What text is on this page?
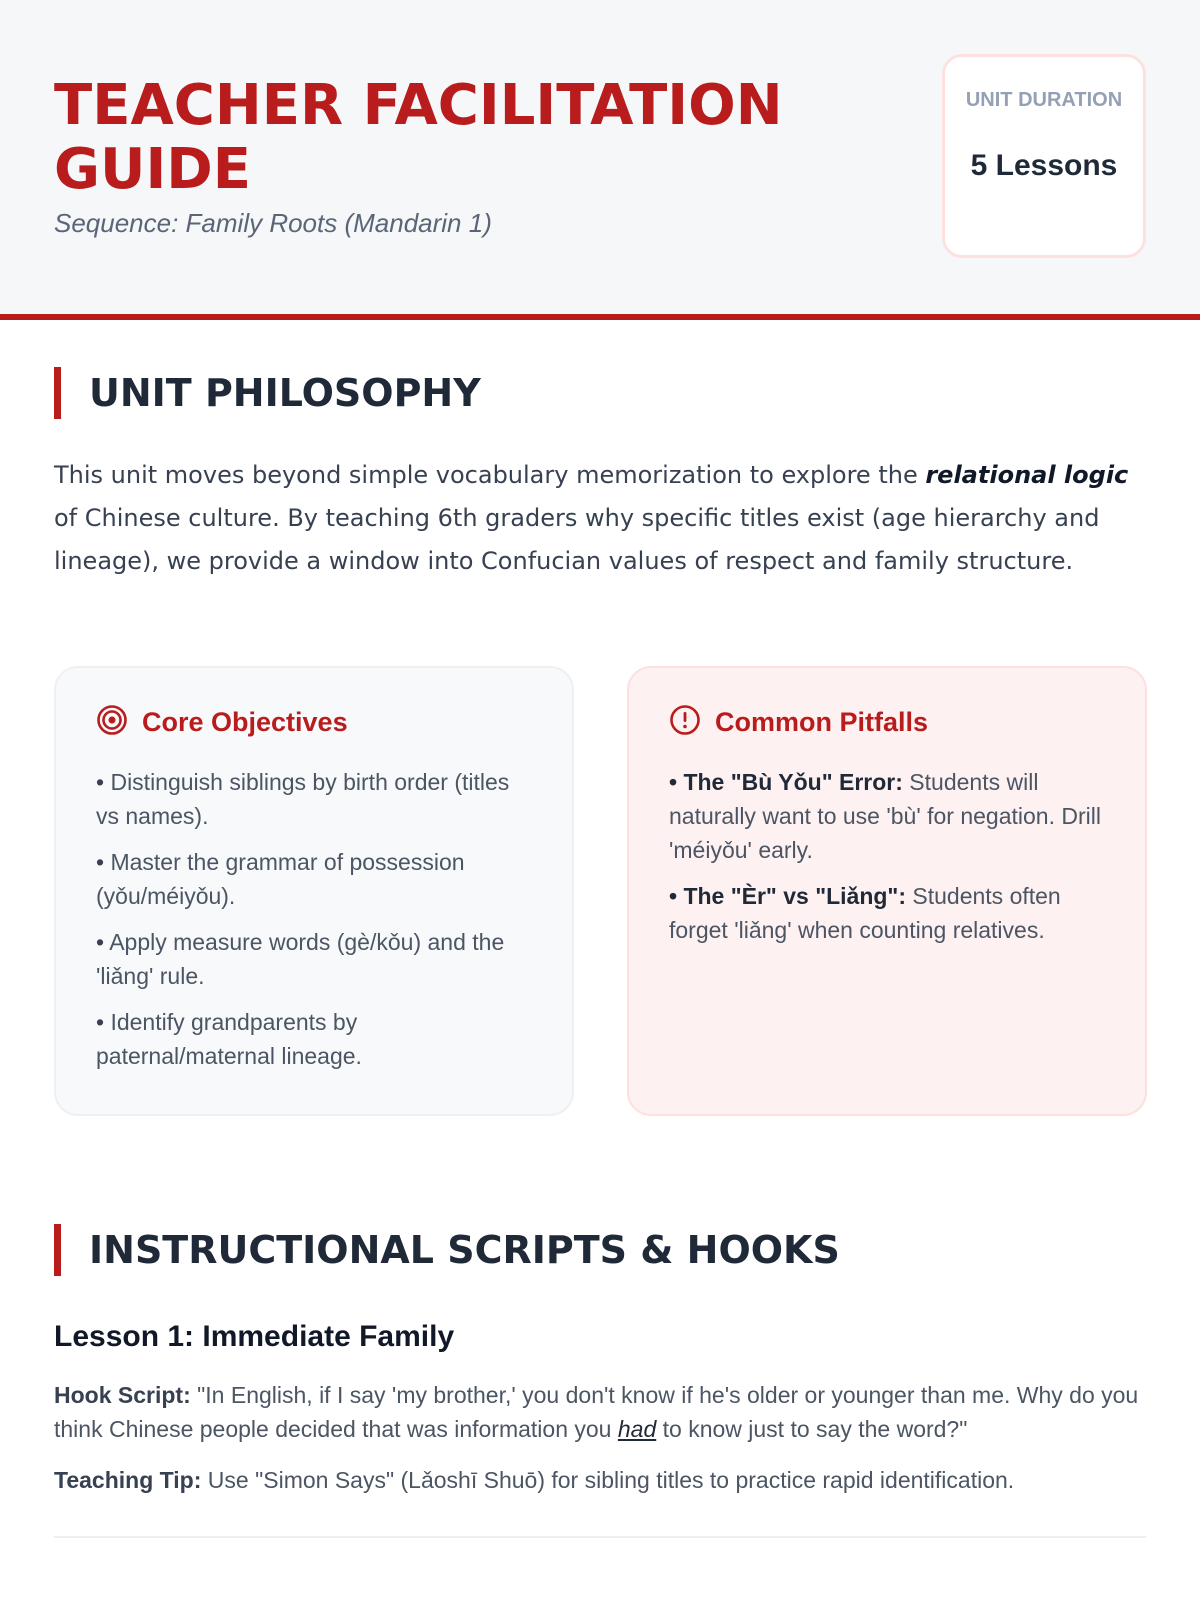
TEACHER FACILITATION GUIDE
Sequence: Family Roots (Mandarin 1)
UNIT DURATION
5 Lessons
UNIT PHILOSOPHY

This unit moves beyond simple vocabulary memorization to explore the relational logic of Chinese culture. By teaching 6th graders why specific titles exist (age hierarchy and lineage), we provide a window into Confucian values of respect and family structure.

Core Objectives
• Distinguish siblings by birth order (titles vs names).
• Master the grammar of possession (yǒu/méiyǒu).
• Apply measure words (gè/kǒu) and the 'liǎng' rule.
• Identify grandparents by paternal/maternal lineage.
Common Pitfalls
• The "Bù Yǒu" Error: Students will naturally want to use 'bù' for negation. Drill 'méiyǒu' early.
• The "Èr" vs "Liǎng": Students often forget 'liǎng' when counting relatives.
INSTRUCTIONAL SCRIPTS & HOOKS
Lesson 1: Immediate Family

Hook Script: "In English, if I say 'my brother,' you don't know if he's older or younger than me. Why do you think Chinese people decided that was information you had to know just to say the word?"

Teaching Tip: Use "Simon Says" (Lǎoshī Shuō) for sibling titles to practice rapid identification.
